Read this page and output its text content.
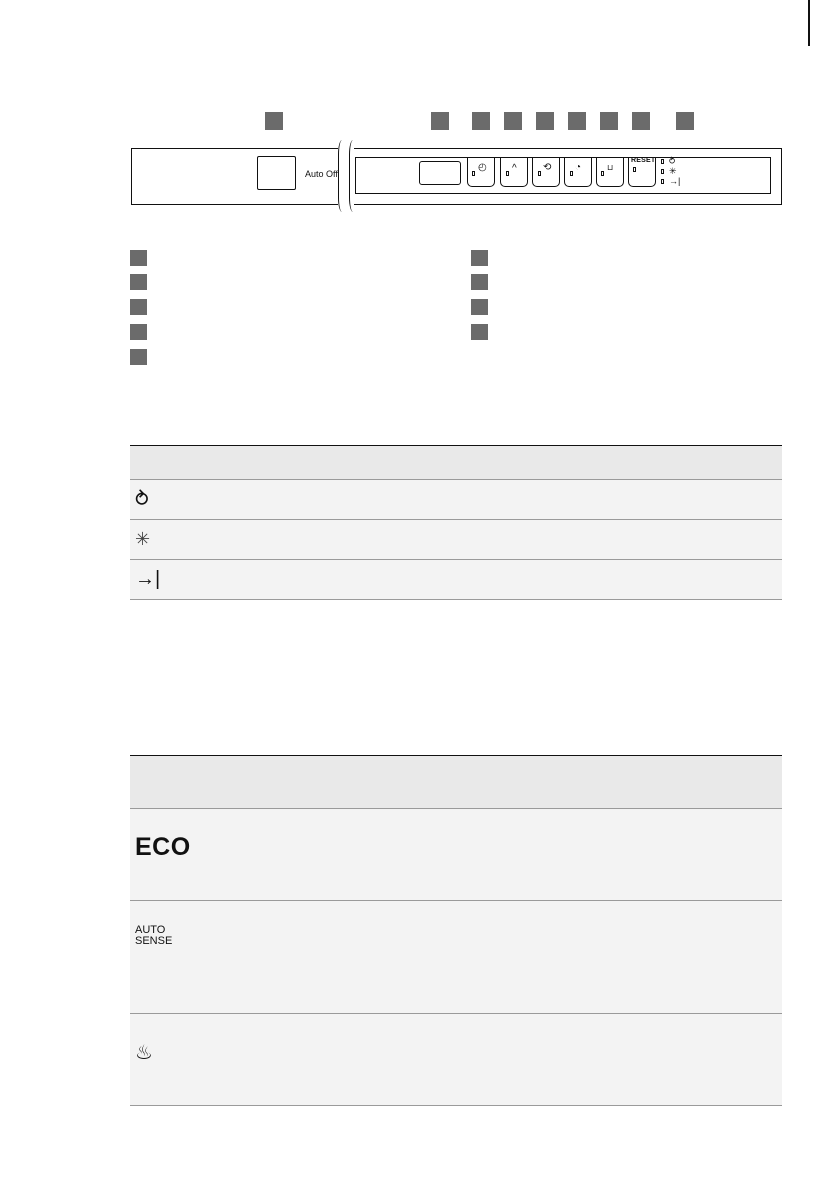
Auto Off
◴	^	⟲ ◔	⊔
RESET ⥁
✳
→|

⥁
✳
→|

ECO

AUTO
SENSE

♨
